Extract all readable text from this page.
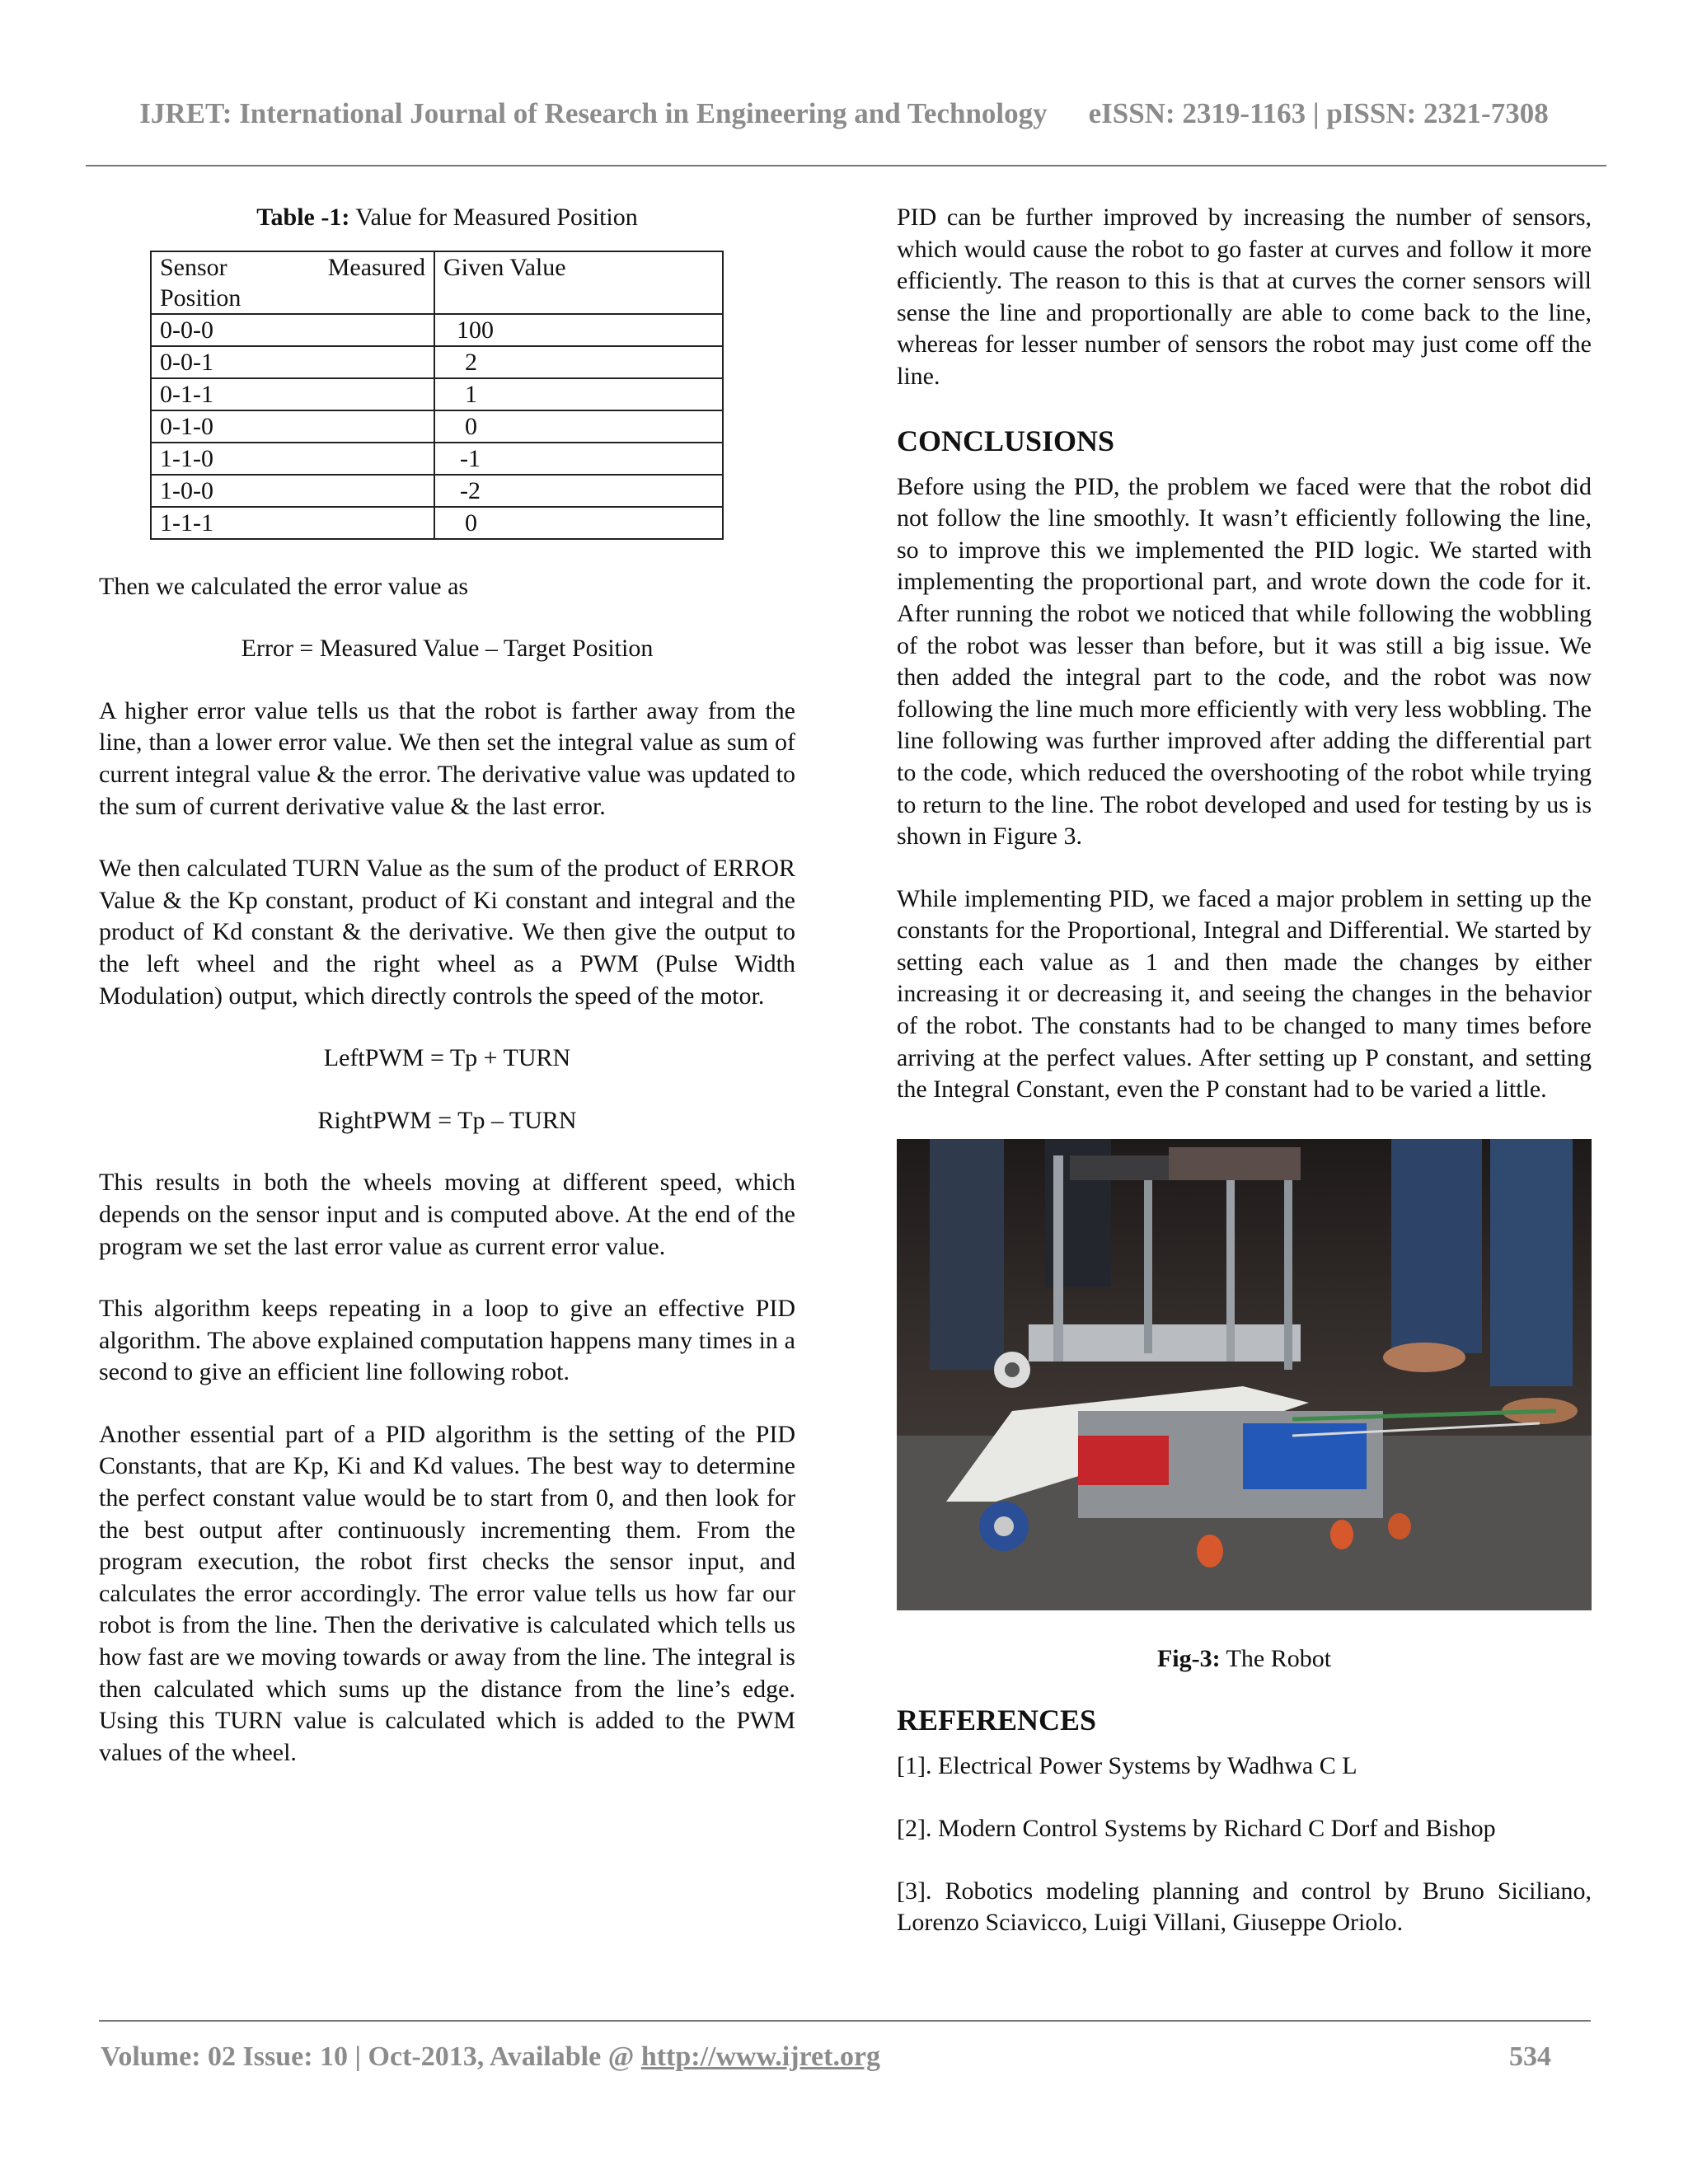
IJRET: International Journal of Research in Engineering and Technology eISSN: 2319-1163 | pISSN: 2321-7308
Table -1: Value for Measured Position
Sensor Measured
Position	Given Value
0-0-0	100
0-0-1	2
0-1-1	1
0-1-0	0
1-1-0	-1
1-0-0	-2
1-1-1	0

Then we calculated the error value as

Error = Measured Value – Target Position

A higher error value tells us that the robot is farther away from the line, than a lower error value. We then set the integral value as sum of current integral value & the error. The derivative value was updated to the sum of current derivative value & the last error.

We then calculated TURN Value as the sum of the product of ERROR Value & the Kp constant, product of Ki constant and integral and the product of Kd constant & the derivative. We then give the output to the left wheel and the right wheel as a PWM (Pulse Width Modulation) output, which directly controls the speed of the motor.

LeftPWM = Tp + TURN

RightPWM = Tp – TURN

This results in both the wheels moving at different speed, which depends on the sensor input and is computed above. At the end of the program we set the last error value as current error value.

This algorithm keeps repeating in a loop to give an effective PID algorithm. The above explained computation happens many times in a second to give an efficient line following robot.

Another essential part of a PID algorithm is the setting of the PID Constants, that are Kp, Ki and Kd values. The best way to determine the perfect constant value would be to start from 0, and then look for the best output after continuously incrementing them. From the program execution, the robot first checks the sensor input, and calculates the error accordingly. The error value tells us how far our robot is from the line. Then the derivative is calculated which tells us how fast are we moving towards or away from the line. The integral is then calculated which sums up the distance from the line’s edge. Using this TURN value is calculated which is added to the PWM values of the wheel.

PID can be further improved by increasing the number of sensors, which would cause the robot to go faster at curves and follow it more efficiently. The reason to this is that at curves the corner sensors will sense the line and proportionally are able to come back to the line, whereas for lesser number of sensors the robot may just come off the line.

CONCLUSIONS

Before using the PID, the problem we faced were that the robot did not follow the line smoothly. It wasn’t efficiently following the line, so to improve this we implemented the PID logic. We started with implementing the proportional part, and wrote down the code for it. After running the robot we noticed that while following the wobbling of the robot was lesser than before, but it was still a big issue. We then added the integral part to the code, and the robot was now following the line much more efficiently with very less wobbling. The line following was further improved after adding the differential part to the code, which reduced the overshooting of the robot while trying to return to the line. The robot developed and used for testing by us is shown in Figure 3.

While implementing PID, we faced a major problem in setting up the constants for the Proportional, Integral and Differential. We started by setting each value as 1 and then made the changes by either increasing it or decreasing it, and seeing the changes in the behavior of the robot. The constants had to be changed to many times before arriving at the perfect values. After setting up P constant, and setting the Integral Constant, even the P constant had to be varied a little.

Fig-3: The Robot
REFERENCES

[1]. Electrical Power Systems by Wadhwa C L

[2]. Modern Control Systems by Richard C Dorf and Bishop

[3]. Robotics modeling planning and control by Bruno Siciliano, Lorenzo Sciavicco, Luigi Villani, Giuseppe Oriolo.

Volume: 02 Issue: 10 | Oct-2013, Available @ http://www.ijret.org	534
